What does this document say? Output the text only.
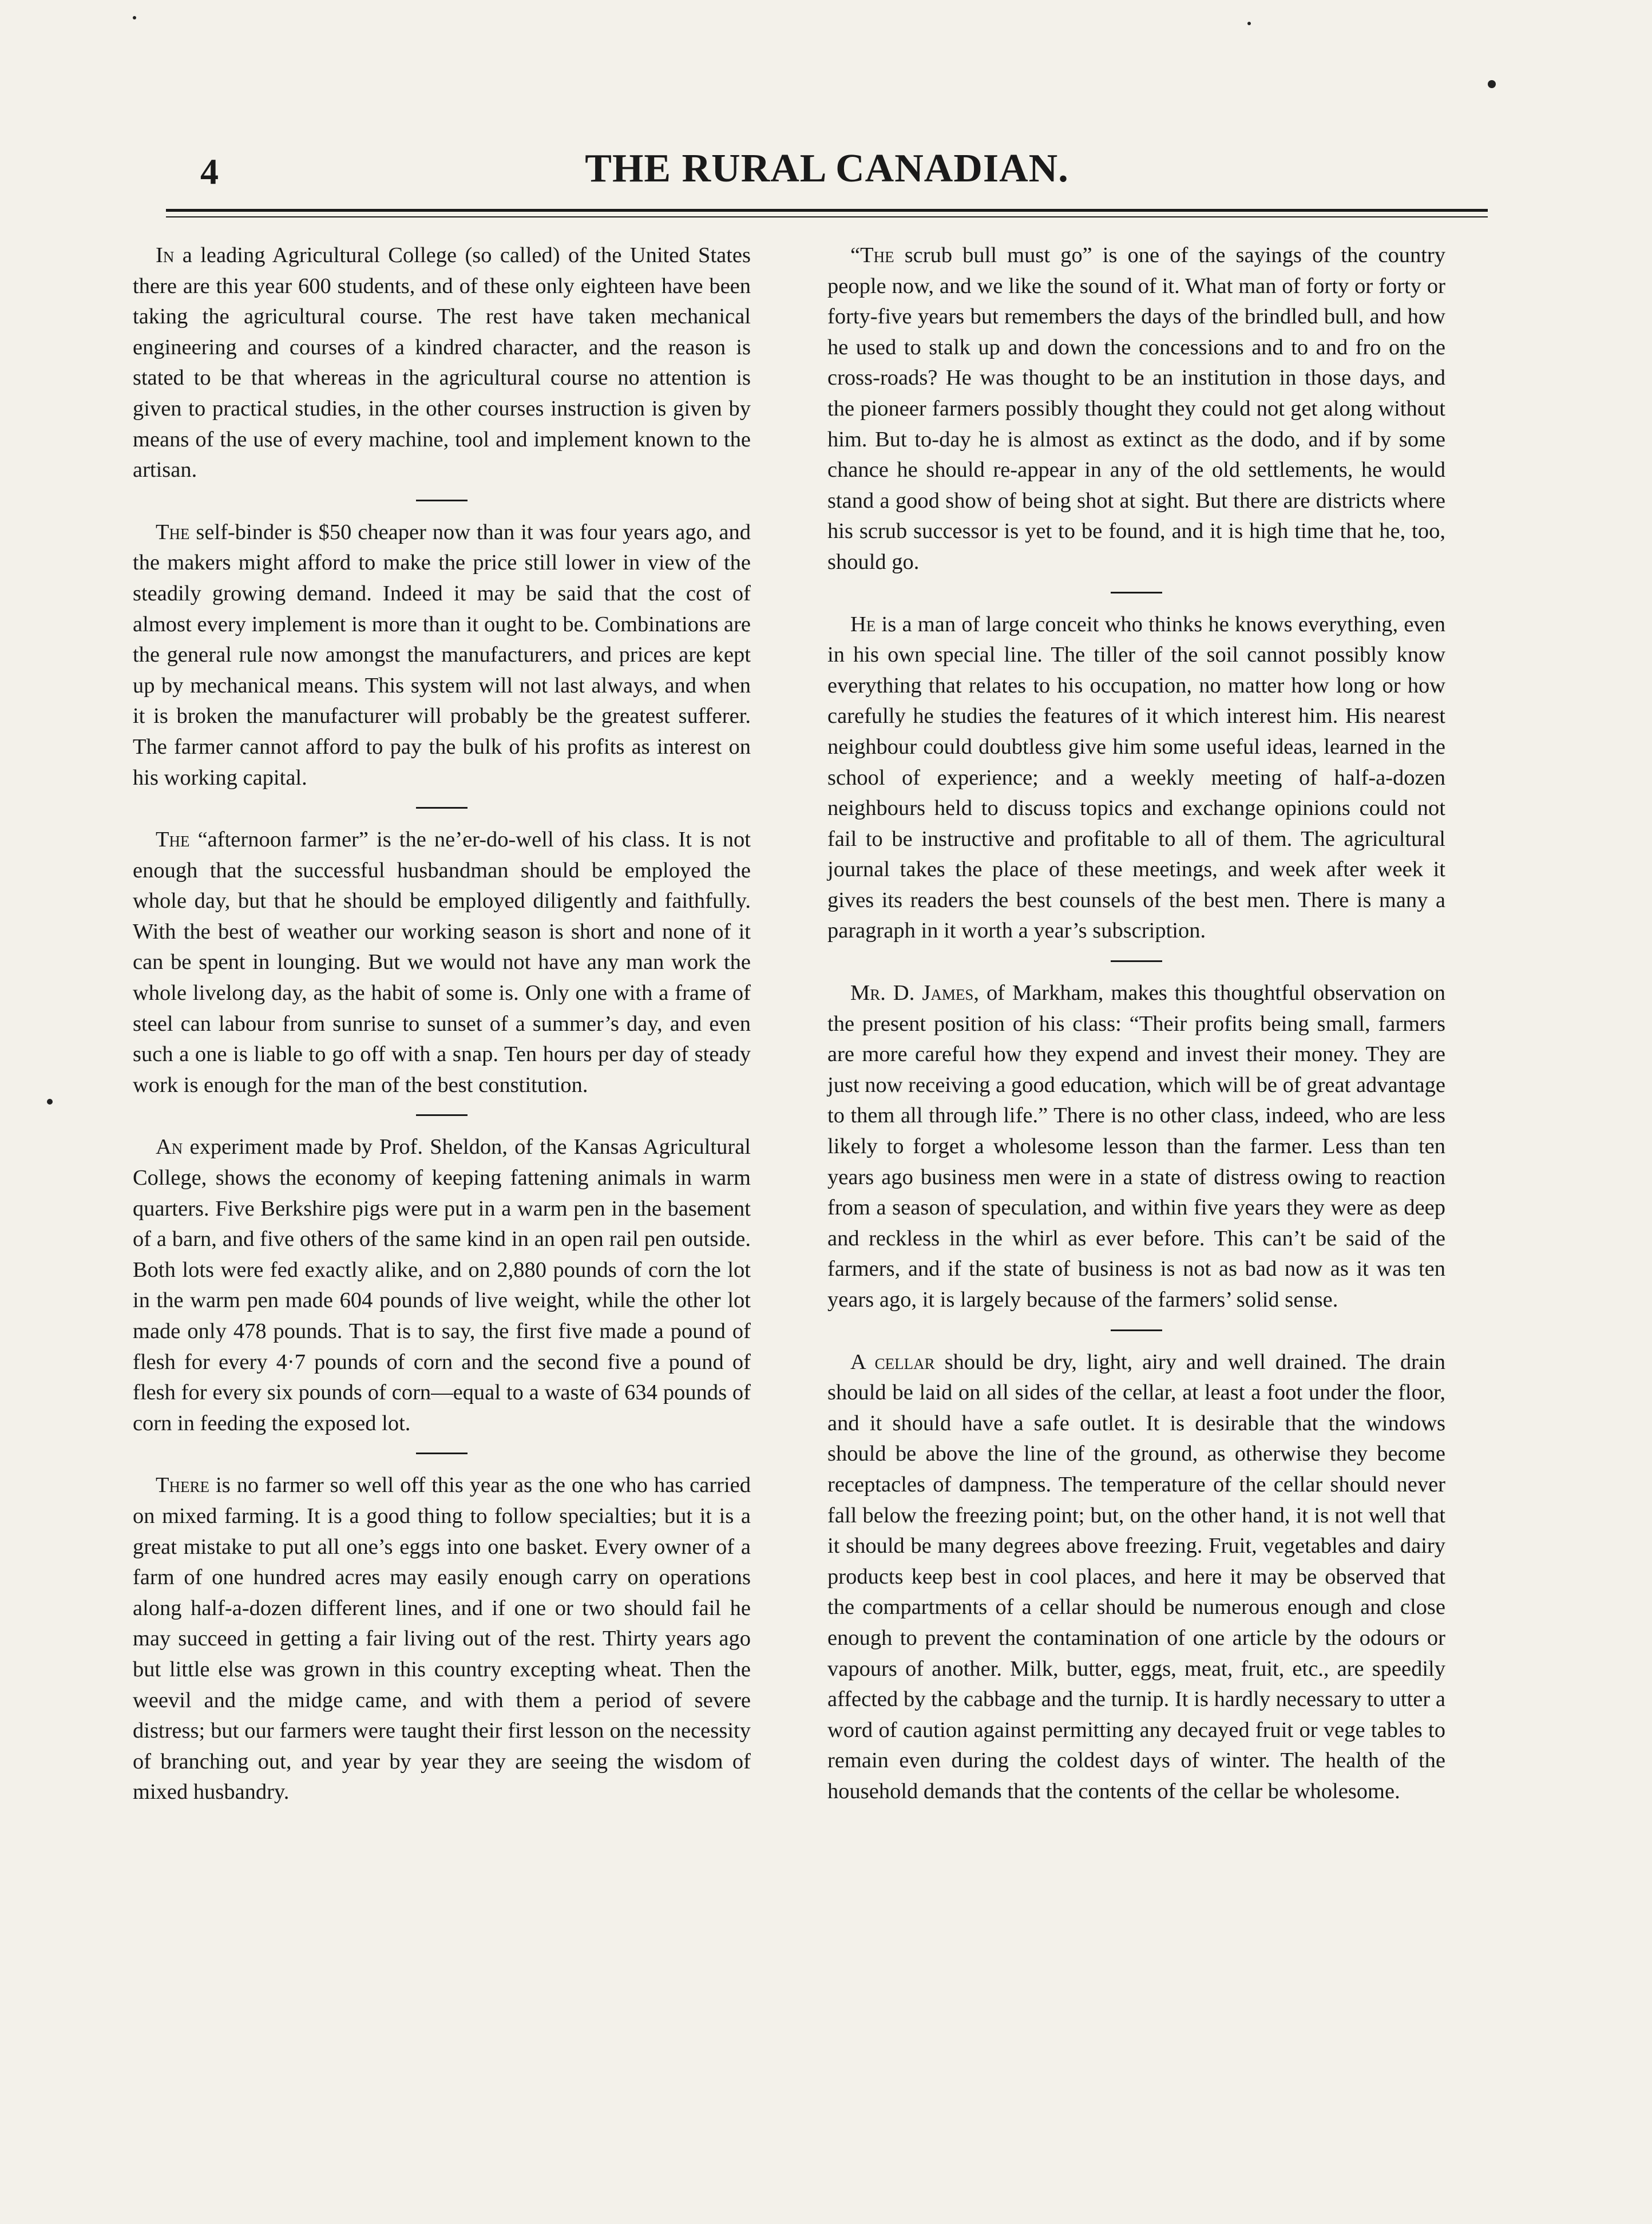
4	THE RURAL CANADIAN.

In a leading Agricultural College (so called) of the United States there are this year 600 students, and of these only eighteen have been taking the agricultural course. The rest have taken mechanical engineering and courses of a kindred character, and the reason is stated to be that whereas in the agricultural course no attention is given to practical studies, in the other courses instruction is given by means of the use of every machine, tool and implement known to the artisan.

The self-binder is $50 cheaper now than it was four years ago, and the makers might afford to make the price still lower in view of the steadily growing demand. Indeed it may be said that the cost of almost every implement is more than it ought to be. Combinations are the general rule now amongst the manufacturers, and prices are kept up by mechanical means. This system will not last always, and when it is broken the manufacturer will probably be the greatest sufferer. The farmer cannot afford to pay the bulk of his profits as interest on his working capital.

The “afternoon farmer” is the ne’er-do-well of his class. It is not enough that the successful husbandman should be employed the whole day, but that he should be employed diligently and faithfully. With the best of weather our working season is short and none of it can be spent in lounging. But we would not have any man work the whole livelong day, as the habit of some is. Only one with a frame of steel can labour from sunrise to sunset of a summer’s day, and even such a one is liable to go off with a snap. Ten hours per day of steady work is enough for the man of the best constitution.

An experiment made by Prof. Sheldon, of the Kansas Agricultural College, shows the economy of keeping fattening animals in warm quarters. Five Berkshire pigs were put in a warm pen in the basement of a barn, and five others of the same kind in an open rail pen outside. Both lots were fed exactly alike, and on 2,880 pounds of corn the lot in the warm pen made 604 pounds of live weight, while the other lot made only 478 pounds. That is to say, the first five made a pound of flesh for every 4·7 pounds of corn and the second five a pound of flesh for every six pounds of corn—equal to a waste of 634 pounds of corn in feeding the exposed lot.

There is no farmer so well off this year as the one who has carried on mixed farming. It is a good thing to follow specialties; but it is a great mistake to put all one’s eggs into one basket. Every owner of a farm of one hundred acres may easily enough carry on operations along half-a-dozen different lines, and if one or two should fail he may succeed in getting a fair living out of the rest. Thirty years ago but little else was grown in this country excepting wheat. Then the weevil and the midge came, and with them a period of severe distress; but our farmers were taught their first lesson on the necessity of branching out, and year by year they are seeing the wisdom of mixed husbandry.

“The scrub bull must go” is one of the sayings of the country people now, and we like the sound of it. What man of forty or forty or forty-five years but remembers the days of the brindled bull, and how he used to stalk up and down the concessions and to and fro on the cross-roads? He was thought to be an institution in those days, and the pioneer farmers possibly thought they could not get along without him. But to-day he is almost as extinct as the dodo, and if by some chance he should re-appear in any of the old settlements, he would stand a good show of being shot at sight. But there are districts where his scrub successor is yet to be found, and it is high time that he, too, should go.

He is a man of large conceit who thinks he knows everything, even in his own special line. The tiller of the soil cannot possibly know everything that relates to his occupation, no matter how long or how carefully he studies the features of it which interest him. His nearest neighbour could doubtless give him some useful ideas, learned in the school of experience; and a weekly meeting of half-a-dozen neighbours held to discuss topics and exchange opinions could not fail to be instructive and profitable to all of them. The agricultural journal takes the place of these meetings, and week after week it gives its readers the best counsels of the best men. There is many a paragraph in it worth a year’s subscription.

Mr. D. James, of Markham, makes this thoughtful observation on the present position of his class: “Their profits being small, farmers are more careful how they expend and invest their money. They are just now receiving a good education, which will be of great advantage to them all through life.” There is no other class, indeed, who are less likely to forget a wholesome lesson than the farmer. Less than ten years ago business men were in a state of distress owing to reaction from a season of speculation, and within five years they were as deep and reckless in the whirl as ever before. This can’t be said of the farmers, and if the state of business is not as bad now as it was ten years ago, it is largely because of the farmers’ solid sense.

A cellar should be dry, light, airy and well drained. The drain should be laid on all sides of the cellar, at least a foot under the floor, and it should have a safe outlet. It is desirable that the windows should be above the line of the ground, as otherwise they become receptacles of dampness. The temperature of the cellar should never fall below the freezing point; but, on the other hand, it is not well that it should be many degrees above freezing. Fruit, vegetables and dairy products keep best in cool places, and here it may be observed that the compartments of a cellar should be numerous enough and close enough to prevent the contamination of one article by the odours or vapours of another. Milk, butter, eggs, meat, fruit, etc., are speedily affected by the cabbage and the turnip. It is hardly necessary to utter a word of caution against permitting any decayed fruit or vege tables to remain even during the coldest days of winter. The health of the household demands that the contents of the cellar be wholesome.
